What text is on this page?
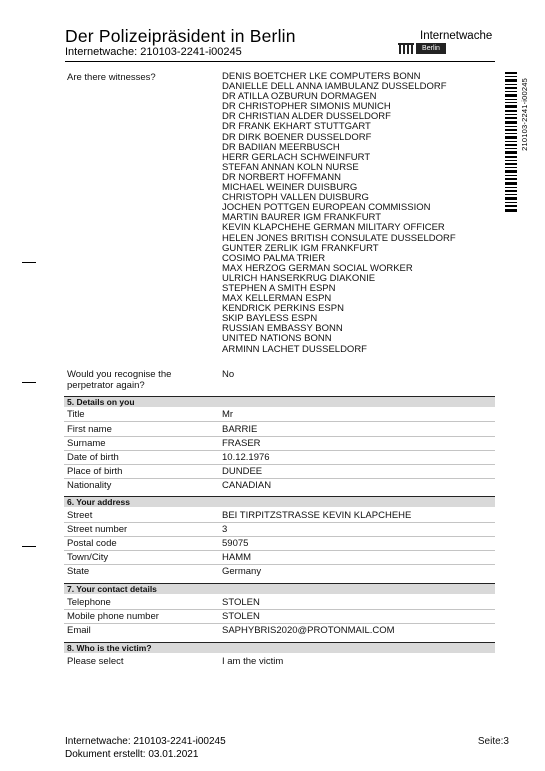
Der Polizeipräsident in Berlin
Internetwache: 210103-2241-i00245
Internetwache
Berlin
210103-2241-i00245
Are there witnesses?	DENIS BOETCHER LKE COMPUTERS BONN
DANIELLE DELL ANNA IAMBULANZ DUSSELDORF
DR ATILLA OZBURUN DORMAGEN
DR CHRISTOPHER SIMONIS MUNICH
DR CHRISTIAN ALDER DUSSELDORF
DR FRANK EKHART STUTTGART
DR DIRK BOENER DUSSELDORF
DR BADIIAN MEERBUSCH
HERR GERLACH SCHWEINFURT
STEFAN ANNAN KOLN NURSE
DR NORBERT HOFFMANN
MICHAEL WEINER DUISBURG
CHRISTOPH VALLEN DUISBURG
JOCHEN POTTGEN EUROPEAN COMMISSION
MARTIN BAURER IGM FRANKFURT
KEVIN KLAPCHEHE GERMAN MILITARY OFFICER
HELEN JONES BRITISH CONSULATE DUSSELDORF
GUNTER ZERLIK IGM FRANKFURT
COSIMO PALMA TRIER
MAX HERZOG GERMAN SOCIAL WORKER
ULRICH HANSERKRUG DIAKONIE
STEPHEN A SMITH ESPN
MAX KELLERMAN ESPN
KENDRICK PERKINS ESPN
SKIP BAYLESS ESPN
RUSSIAN EMBASSY BONN
UNITED NATIONS BONN
ARMINN LACHET DUSSELDORF
Would you recognise the
perpetrator again?
No
5. Details on you
Title	Mr
First name	BARRIE
Surname	FRASER
Date of birth	10.12.1976
Place of birth	DUNDEE
Nationality	CANADIAN
6. Your address
Street	BEI TIRPITZSTRASSE KEVIN KLAPCHEHE
Street number	3
Postal code	59075
Town/City	HAMM
State	Germany
7. Your contact details
Telephone	STOLEN
Mobile phone number	STOLEN
Email	SAPHYBRIS2020@PROTONMAIL.COM
8. Who is the victim?
Please select	I am the victim
Internetwache: 210103-2241-i00245
Dokument erstellt: 03.01.2021
Seite:3
